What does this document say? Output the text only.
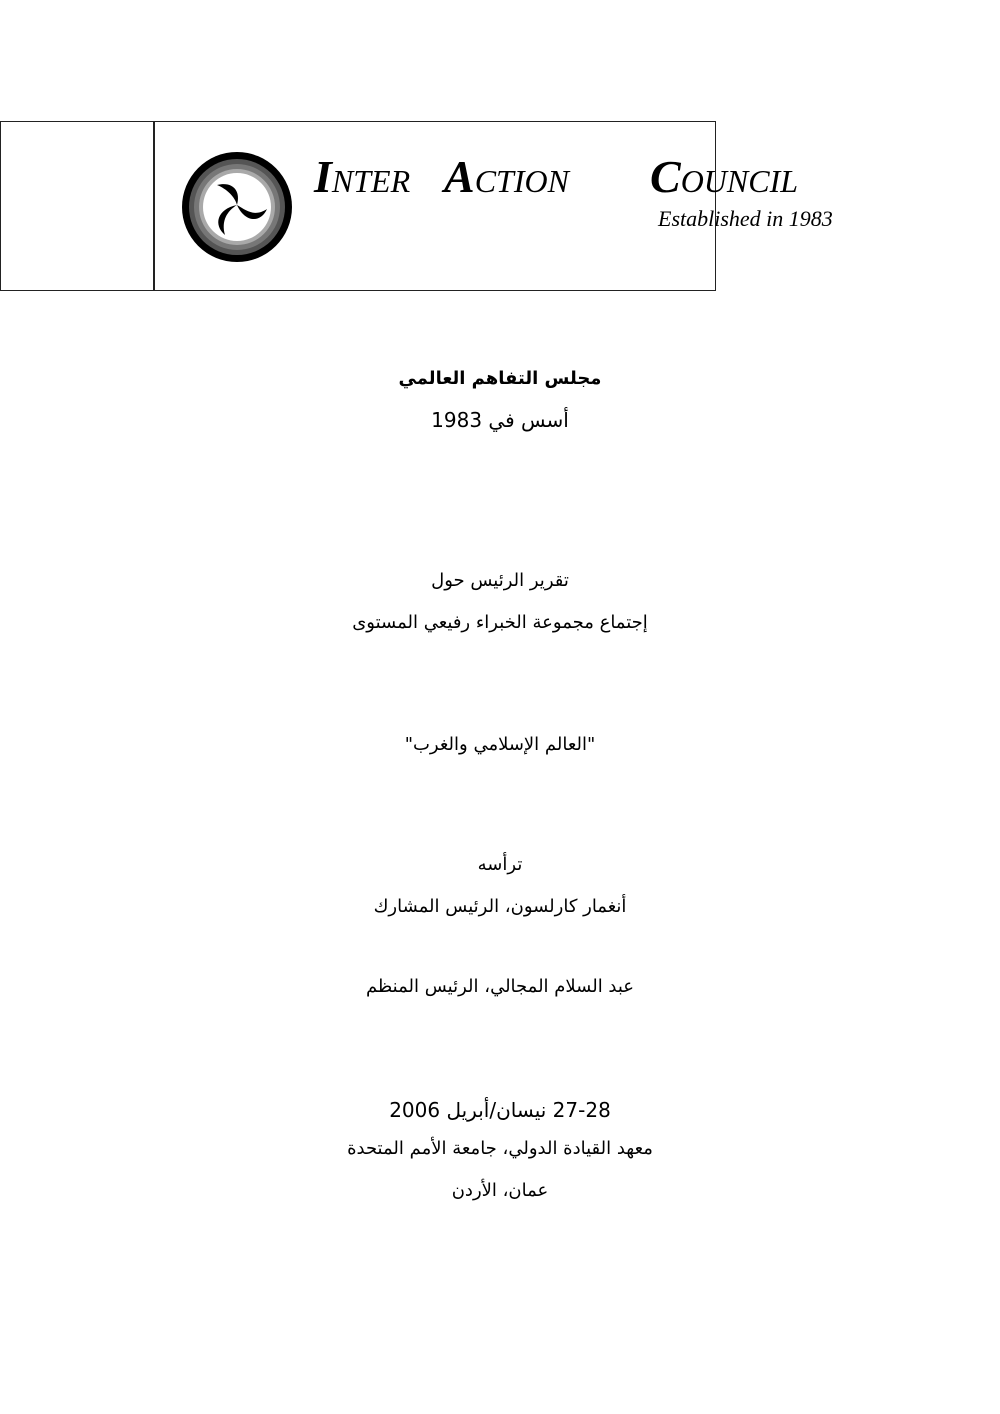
INTER ACTION COUNCIL
Established in 1983
مجلس التفاهم العالمي
أسس في 1983
تقرير الرئيس حول
إجتماع مجموعة الخبراء رفيعي المستوى
"العالم الإسلامي والغرب"
ترأسه
أنغمار كارلسون، الرئيس المشارك
عبد السلام المجالي، الرئيس المنظم
27-28 نيسان/أبريل 2006
معهد القيادة الدولي، جامعة الأمم المتحدة
عمان، الأردن
